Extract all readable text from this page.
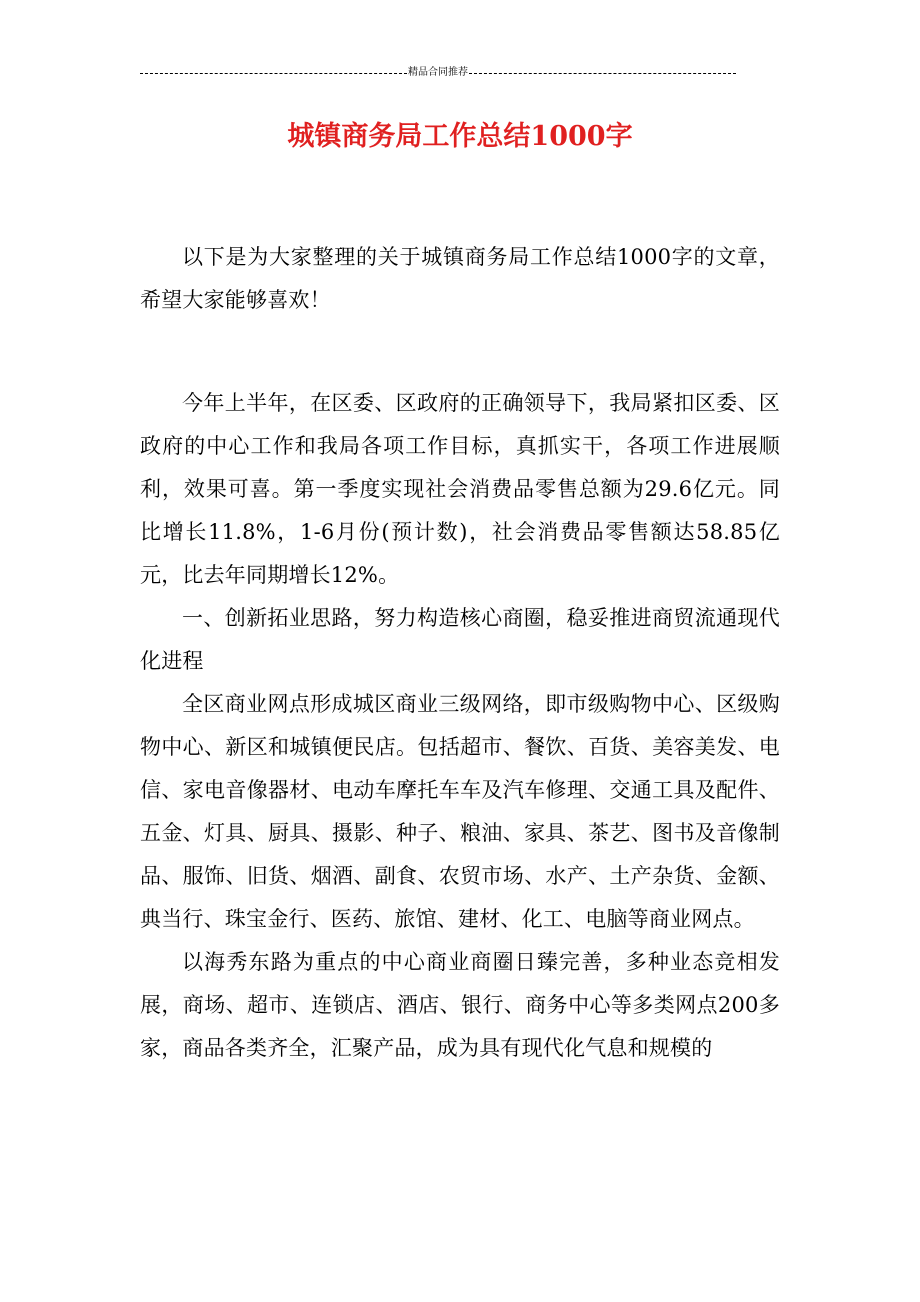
精品合同推荐
城镇商务局工作总结1000字

以下是为大家整理的关于城镇商务局工作总结1000字的文章，希望大家能够喜欢！

今年上半年，在区委、区政府的正确领导下，我局紧扣区委、区政府的中心工作和我局各项工作目标，真抓实干，各项工作进展顺利，效果可喜。第一季度实现社会消费品零售总额为29.6亿元。同比增长11.8%，1-6月份(预计数)，社会消费品零售额达58.85亿元，比去年同期增长12%。

一、创新拓业思路，努力构造核心商圈，稳妥推进商贸流通现代化进程

全区商业网点形成城区商业三级网络，即市级购物中心、区级购物中心、新区和城镇便民店。包括超市、餐饮、百货、美容美发、电信、家电音像器材、电动车摩托车车及汽车修理、交通工具及配件、五金、灯具、厨具、摄影、种子、粮油、家具、茶艺、图书及音像制品、服饰、旧货、烟酒、副食、农贸市场、水产、土产杂货、金额、典当行、珠宝金行、医药、旅馆、建材、化工、电脑等商业网点。

以海秀东路为重点的中心商业商圈日臻完善，多种业态竞相发展，商场、超市、连锁店、酒店、银行、商务中心等多类网点200多家，商品各类齐全，汇聚产品，成为具有现代化气息和规模的
